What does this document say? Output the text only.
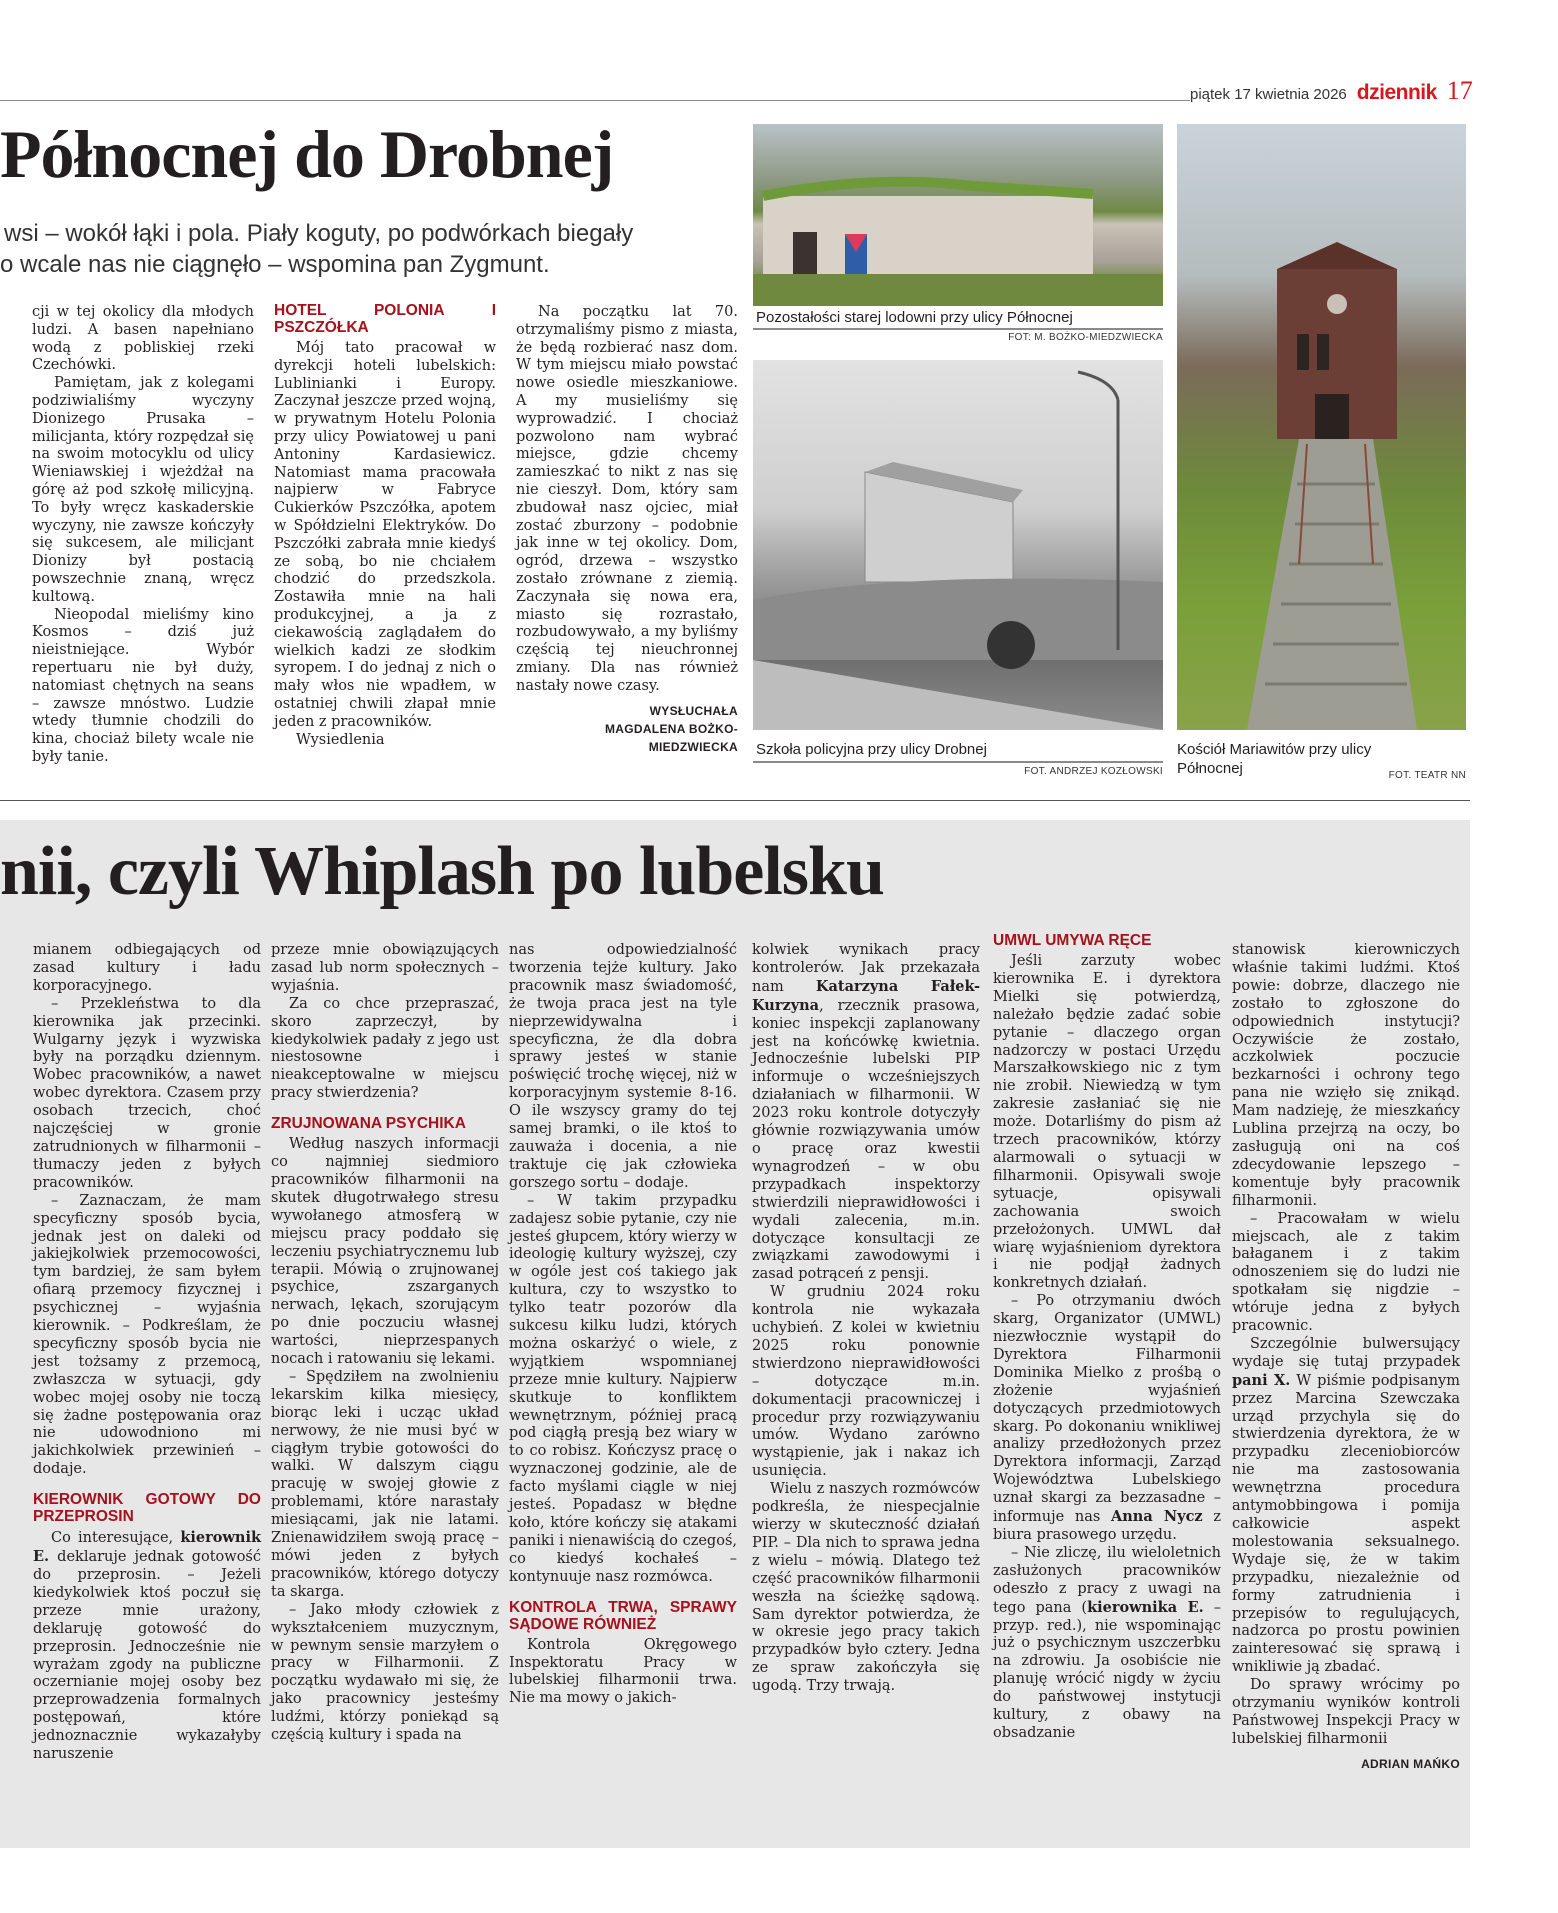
piątek 17 kwietnia 2026 dziennik 17
Północnej do Drobnej
wsi – wokół łąki i pola. Piały koguty, po podwórkach biegały
o wcale nas nie ciągnęło – wspomina pan Zygmunt.

cji w tej okolicy dla młodych ludzi. A basen napełniano wodą z pobliskiej rzeki Czechówki.

Pamiętam, jak z kolegami podziwialiśmy wyczyny Dionizego Prusaka – milicjanta, który rozpędzał się na swoim motocyklu od ulicy Wieniawskiej i wjeżdżał na górę aż pod szkołę milicyjną. To były wręcz kaskaderskie wyczyny, nie zawsze kończyły się sukcesem, ale milicjant Dionizy był postacią powszechnie znaną, wręcz kultową.

Nieopodal mieliśmy kino Kosmos – dziś już nieistniejące. Wybór repertuaru nie był duży, natomiast chętnych na seans – zawsze mnóstwo. Ludzie wtedy tłumnie chodzili do kina, chociaż bilety wcale nie były tanie.

HOTEL POLONIA I PSZCZÓŁKA

Mój tato pracował w dyrekcji hoteli lubelskich: Lublinianki i Europy. Zaczynał jeszcze przed wojną, w prywatnym Hotelu Polonia przy ulicy Powiatowej u pani Antoniny Kardasiewicz. Natomiast mama pracowała najpierw w Fabryce Cukierków Pszczółka, apotem w Spółdzielni Elektryków. Do Pszczółki zabrała mnie kiedyś ze sobą, bo nie chciałem chodzić do przedszkola. Zostawiła mnie na hali produkcyjnej, a ja z ciekawością zaglądałem do wielkich kadzi ze słodkim syropem. I do jednaj z nich o mały włos nie wpadłem, w ostatniej chwili złapał mnie jeden z pracowników.

Wysiedlenia

Na początku lat 70. otrzymaliśmy pismo z miasta, że będą rozbierać nasz dom. W tym miejscu miało powstać nowe osiedle mieszkaniowe. A my musieliśmy się wyprowadzić. I chociaż pozwolono nam wybrać miejsce, gdzie chcemy zamieszkać to nikt z nas się nie cieszył. Dom, który sam zbudował nasz ojciec, miał zostać zburzony – podobnie jak inne w tej okolicy. Dom, ogród, drzewa – wszystko zostało zrównane z ziemią. Zaczynała się nowa era, miasto się rozrastało, rozbudowywało, a my byliśmy częścią tej nieuchronnej zmiany. Dla nas również nastały nowe czasy.

WYSŁUCHAŁA
MAGDALENA BOŻKO-MIEDZWIECKA
Pozostałości starej lodowni przy ulicy Północnej
FOT: M. BOŻKO-MIEDZWIECKA
Szkoła policyjna przy ulicy Drobnej
FOT. ANDRZEJ KOZŁOWSKI
Kościół Mariawitów przy ulicy
Północnej	FOT. TEATR NN
nii, czyli Whiplash po lubelsku

mianem odbiegających od zasad kultury i ładu korporacyjnego.

– Przekleństwa to dla kierownika jak przecinki. Wulgarny język i wyzwiska były na porządku dziennym. Wobec pracowników, a nawet wobec dyrektora. Czasem przy osobach trzecich, choć najczęściej w gronie zatrudnionych w filharmonii – tłumaczy jeden z byłych pracowników.

– Zaznaczam, że mam specyficzny sposób bycia, jednak jest on daleki od jakiejkolwiek przemocowości, tym bardziej, że sam byłem ofiarą przemocy fizycznej i psychicznej – wyjaśnia kierownik. – Podkreślam, że specyficzny sposób bycia nie jest tożsamy z przemocą, zwłaszcza w sytuacji, gdy wobec mojej osoby nie toczą się żadne postępowania oraz nie udowodniono mi jakichkolwiek przewinień – dodaje.

KIEROWNIK GOTOWY DO PRZEPROSIN

Co interesujące, kierownik E. deklaruje jednak gotowość do przeprosin. – Jeżeli kiedykolwiek ktoś poczuł się przeze mnie urażony, deklaruję gotowość do przeprosin. Jednocześnie nie wyrażam zgody na publiczne oczernianie mojej osoby bez przeprowadzenia formalnych postępowań, które jednoznacznie wykazałyby naruszenie

przeze mnie obowiązujących zasad lub norm społecznych – wyjaśnia.

Za co chce przepraszać, skoro zaprzeczył, by kiedykolwiek padały z jego ust niestosowne i nieakceptowalne w miejscu pracy stwierdzenia?

ZRUJNOWANA PSYCHIKA

Według naszych informacji co najmniej siedmioro pracowników filharmonii na skutek długotrwałego stresu wywołanego atmosferą w miejscu pracy poddało się leczeniu psychiatrycznemu lub terapii. Mówią o zrujnowanej psychice, zszarganych nerwach, lękach, szorującym po dnie poczuciu własnej wartości, nieprzespanych nocach i ratowaniu się lekami.

– Spędziłem na zwolnieniu lekarskim kilka miesięcy, biorąc leki i ucząc układ nerwowy, że nie musi być w ciągłym trybie gotowości do walki. W dalszym ciągu pracuję w swojej głowie z problemami, które narastały miesiącami, jak nie latami. Znienawidziłem swoją pracę – mówi jeden z byłych pracowników, którego dotyczy ta skarga.

– Jako młody człowiek z wykształceniem muzycznym, w pewnym sensie marzyłem o pracy w Filharmonii. Z początku wydawało mi się, że jako pracownicy jesteśmy ludźmi, którzy poniekąd są częścią kultury i spada na

nas odpowiedzialność tworzenia tejże kultury. Jako pracownik masz świadomość, że twoja praca jest na tyle nieprzewidywalna i specyficzna, że dla dobra sprawy jesteś w stanie poświęcić trochę więcej, niż w korporacyjnym systemie 8-16. O ile wszyscy gramy do tej samej bramki, o ile ktoś to zauważa i docenia, a nie traktuje cię jak człowieka gorszego sortu – dodaje.

– W takim przypadku zadajesz sobie pytanie, czy nie jesteś głupcem, który wierzy w ideologię kultury wyższej, czy w ogóle jest coś takiego jak kultura, czy to wszystko to tylko teatr pozorów dla sukcesu kilku ludzi, których można oskarżyć o wiele, z wyjątkiem wspomnianej przeze mnie kultury. Najpierw skutkuje to konfliktem wewnętrznym, później pracą pod ciągłą presją bez wiary w to co robisz. Kończysz pracę o wyznaczonej godzinie, ale de facto myślami ciągle w niej jesteś. Popadasz w błędne koło, które kończy się atakami paniki i nienawiścią do czegoś, co kiedyś kochałeś – kontynuuje nasz rozmówca.

KONTROLA TRWA, SPRAWY SĄDOWE RÓWNIEŻ

Kontrola Okręgowego Inspektoratu Pracy w lubelskiej filharmonii trwa. Nie ma mowy o jakich-

kolwiek wynikach pracy kontrolerów. Jak przekazała nam Katarzyna Fałek-Kurzyna, rzecznik prasowa, koniec inspekcji zaplanowany jest na końcówkę kwietnia. Jednocześnie lubelski PIP informuje o wcześniejszych działaniach w filharmonii. W 2023 roku kontrole dotyczyły głównie rozwiązywania umów o pracę oraz kwestii wynagrodzeń – w obu przypadkach inspektorzy stwierdzili nieprawidłowości i wydali zalecenia, m.in. dotyczące konsultacji ze związkami zawodowymi i zasad potrąceń z pensji.

W grudniu 2024 roku kontrola nie wykazała uchybień. Z kolei w kwietniu 2025 roku ponownie stwierdzono nieprawidłowości – dotyczące m.in. dokumentacji pracowniczej i procedur przy rozwiązywaniu umów. Wydano zarówno wystąpienie, jak i nakaz ich usunięcia.

Wielu z naszych rozmówców podkreśla, że niespecjalnie wierzy w skuteczność działań PIP. – Dla nich to sprawa jedna z wielu – mówią. Dlatego też część pracowników filharmonii weszła na ścieżkę sądową. Sam dyrektor potwierdza, że w okresie jego pracy takich przypadków było cztery. Jedna ze spraw zakończyła się ugodą. Trzy trwają.

UMWL UMYWA RĘCE

Jeśli zarzuty wobec kierownika E. i dyrektora Mielki się potwierdzą, należało będzie zadać sobie pytanie – dlaczego organ nadzorczy w postaci Urzędu Marszałkowskiego nic z tym nie zrobił. Niewiedzą w tym zakresie zasłaniać się nie może. Dotarliśmy do pism aż trzech pracowników, którzy alarmowali o sytuacji w filharmonii. Opisywali swoje sytuacje, opisywali zachowania swoich przełożonych. UMWL dał wiarę wyjaśnieniom dyrektora i nie podjął żadnych konkretnych działań.

– Po otrzymaniu dwóch skarg, Organizator (UMWL) niezwłocznie wystąpił do Dyrektora Filharmonii Dominika Mielko z prośbą o złożenie wyjaśnień dotyczących przedmiotowych skarg. Po dokonaniu wnikliwej analizy przedłożonych przez Dyrektora informacji, Zarząd Województwa Lubelskiego uznał skargi za bezzasadne – informuje nas Anna Nycz z biura prasowego urzędu.

– Nie zliczę, ilu wieloletnich zasłużonych pracowników odeszło z pracy z uwagi na tego pana (kierownika E. – przyp. red.), nie wspominając już o psychicznym uszczerbku na zdrowiu. Ja osobiście nie planuję wrócić nigdy w życiu do państwowej instytucji kultury, z obawy na obsadzanie

stanowisk kierowniczych właśnie takimi ludźmi. Ktoś powie: dobrze, dlaczego nie zostało to zgłoszone do odpowiednich instytucji? Oczywiście że zostało, aczkolwiek poczucie bezkarności i ochrony tego pana nie wzięło się znikąd. Mam nadzieję, że mieszkańcy Lublina przejrzą na oczy, bo zasługują oni na coś zdecydowanie lepszego – komentuje były pracownik filharmonii.

– Pracowałam w wielu miejscach, ale z takim bałaganem i z takim odnoszeniem się do ludzi nie spotkałam się nigdzie – wtóruje jedna z byłych pracownic.

Szczególnie bulwersujący wydaje się tutaj przypadek pani X. W piśmie podpisanym przez Marcina Szewczaka urząd przychyla się do stwierdzenia dyrektora, że w przypadku zleceniobiorców nie ma zastosowania wewnętrzna procedura antymobbingowa i pomija całkowicie aspekt molestowania seksualnego. Wydaje się, że w takim przypadku, niezależnie od formy zatrudnienia i przepisów to regulujących, nadzorca po prostu powinien zainteresować się sprawą i wnikliwie ją zbadać.

Do sprawy wrócimy po otrzymaniu wyników kontroli Państwowej Inspekcji Pracy w lubelskiej filharmonii

ADRIAN MAŃKO
